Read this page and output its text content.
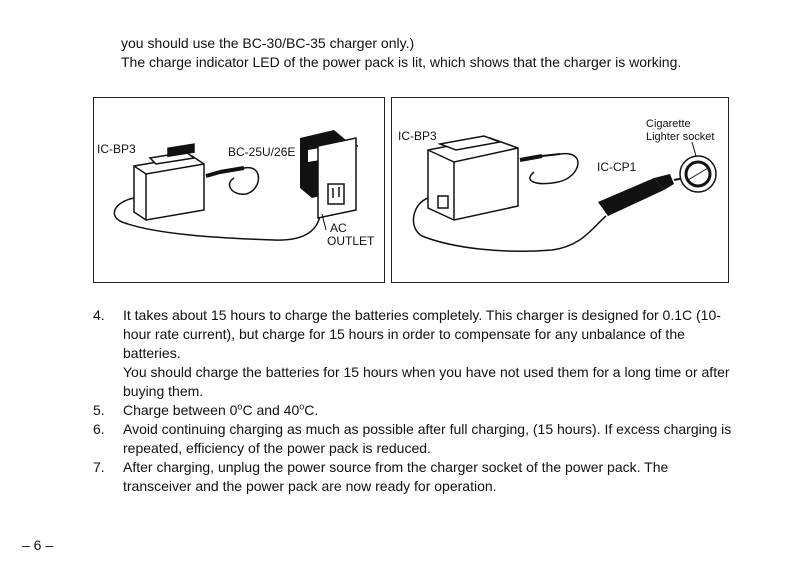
you should use the BC-30/BC-35 charger only.)

The charge indicator LED of the power pack is lit, which shows that the charger is working.

IC-BP3	BC-25U/26E
AC
OUTLET
IC-BP3
Cigarette
Lighter socket
IC-CP1
4.	It takes about 15 hours to charge the batteries completely. This charger is designed for 0.1C (10-hour rate current), but charge for 15 hours in order to compensate for any unbalance of the batteries.

You should charge the batteries for 15 hours when you have not used them for a long time or after buying them.

5.	Charge between 0$^o$C and 40$^o$C.

6.	Avoid continuing charging as much as possible after full charging, (15 hours). If excess charging is repeated, efficiency of the power pack is reduced.

7.	After charging, unplug the power source from the charger socket of the power pack. The transceiver and the power pack are now ready for operation.

– 6 –
